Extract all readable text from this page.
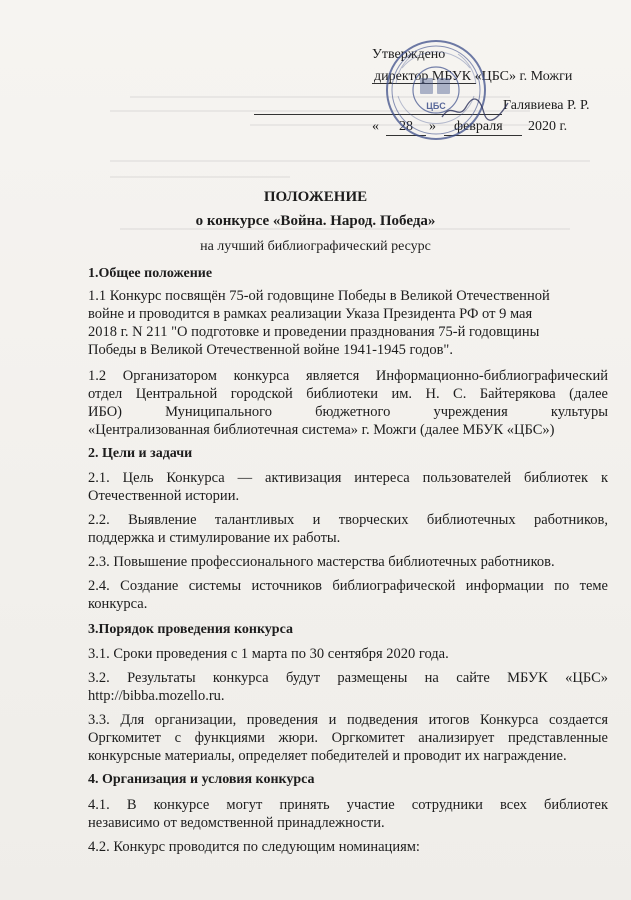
Утверждено
директор МБУК «ЦБС» г. Можги
Галявиева Р. Р.
« 28 » февраля 2020 г.
ЦБС
ПОЛОЖЕНИЕ
о конкурсе «Война. Народ. Победа»
на лучший библиографический ресурс
1.Общее положение
1.1 Конкурс посвящён 75-ой годовщине Победы в Великой Отечественной
войне и проводится в рамках реализации Указа Президента РФ от 9 мая
2018 г. N 211 "О подготовке и проведении празднования 75-й годовщины
Победы в Великой Отечественной войне 1941-1945 годов".
1.2 Организатором конкурса является Информационно-библиографический
отдел Центральной городской библиотеки им. Н. С. Байтерякова (далее
ИБО) Муниципального бюджетного учреждения культуры
«Централизованная библиотечная система» г. Можги (далее МБУК «ЦБС»)
2. Цели и задачи
2.1. Цель Конкурса — активизация интереса пользователей библиотек к
Отечественной истории.
2.2. Выявление талантливых и творческих библиотечных работников,
поддержка и стимулирование их работы.
2.3. Повышение профессионального мастерства библиотечных работников.
2.4. Создание системы источников библиографической информации по теме
конкурса.
3.Порядок проведения конкурса
3.1. Сроки проведения с 1 марта по 30 сентября 2020 года.
3.2. Результаты конкурса будут размещены на сайте МБУК «ЦБС»
http://bibba.mozello.ru.
3.3. Для организации, проведения и подведения итогов Конкурса создается
Оргкомитет с функциями жюри. Оргкомитет анализирует представленные
конкурсные материалы, определяет победителей и проводит их награждение.
4. Организация и условия конкурса
4.1. В конкурсе могут принять участие сотрудники всех библиотек
независимо от ведомственной принадлежности.
4.2. Конкурс проводится по следующим номинациям:
